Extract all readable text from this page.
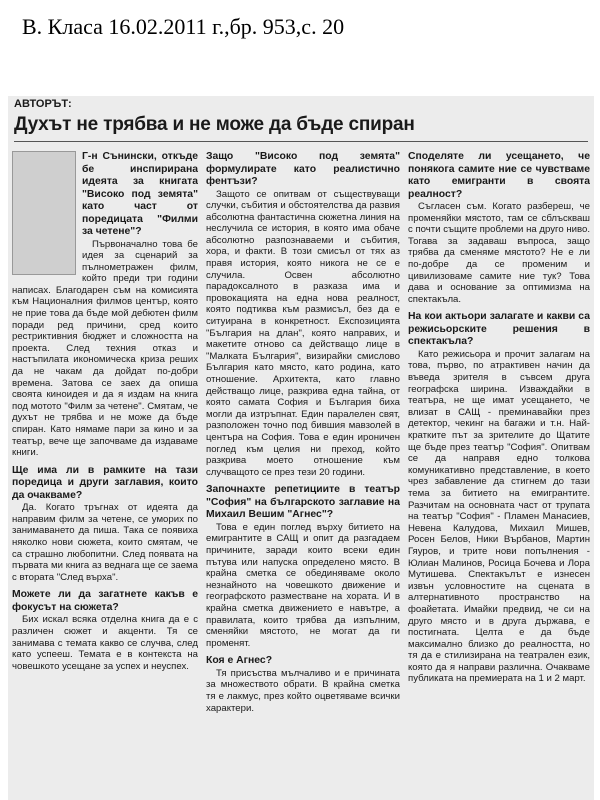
В. Класа 16.02.2011 г.,бр. 953,с. 20
АВТОРЪТ:
Духът не трябва и не може да бъде спиран

Г-н Сънински, откъде бе инспирирана идеята за книгата "Високо под земята" като част от поредицата "Филми за четене"?

Първоначално това бе идея за сценарий за пълнометражен филм, който преди три години написах. Благодарен съм на комисията към Националния филмов център, която не прие това да бъде мой дебютен филм поради ред причини, сред които рестриктивния бюджет и сложността на проекта. След техния отказ и настъпилата икономическа криза реших да не чакам да дойдат по-добри времена. Затова се заех да опиша своята киноидея и да я издам на книга под мотото "Филм за четене". Смятам, че духът не трябва и не може да бъде спиран. Като нямаме пари за кино и за театър, вече ще започваме да издаваме книги.

Ще има ли в рамките на тази поредица и други заглавия, които да очакваме?

Да. Когато тръгнах от идеята да направим филм за четене, се уморих по занимаването да пиша. Така се появиха няколко нови сюжета, които смятам, че са страшно любопитни. След появата на първата ми книга аз веднага ще се заема с втората "След върха".

Можете ли да загатнете какъв е фокусът на сюжета?

Бих искал всяка отделна книга да е с различен сюжет и акценти. Тя се занимава с темата какво се случва, след като успееш. Темата е в контекста на човешкото усещане за успех и неуспех.

Защо "Високо под земята" формулирате като реалистично фентъзи?

Защото се опитвам от съществуващи случки, събития и обстоятелства да развия абсолютна фантастична сюжетна линия на неслучила се история, в която има обаче абсолютно разпознаваеми и събития, хора, и факти. В този смисъл от тях аз правя история, която никога не се е случила. Освен абсолютно парадоксалното в разказа има и провокацията на една нова реалност, която подтиква към размисъл, без да е ситуирана в конкретност. Експозицията "България на длан", която направих, и макетите отново са действащо лице в "Малката България", визирайки смислово България като място, като родина, като отношение. Архитекта, като главно действащо лице, разкрива една тайна, от която самата София и България биха могли да изтръпнат. Един паралелен свят, разположен точно под бившия мавзолей в центъра на София. Това е един ироничен поглед към целия ни преход, който разкрива моето отношение към случващото се през тези 20 години.

Започнахте репетициите в театър "София" на българското заглавие на Михаил Вешим "Агнес"?

Това е един поглед върху битието на емигрантите в САЩ и опит да разгадаем причините, заради които всеки един пътува или напуска определено място. В крайна сметка се обединяваме около незнайното на човешкото движение и географското разместване на хората. И в крайна сметка движението е навътре, а правилата, които трябва да изпълним, сменяйки мястото, не могат да ги променят.

Коя е Агнес?

Тя присъства мълчаливо и е причината за множеството обрати. В крайна сметка тя е лакмус, през който оцветяваме всички характери.

Споделяте ли усещането, че понякога самите ние се чувстваме като емигранти в своята реалност?

Съгласен съм. Когато разбереш, че променяйки мястото, там се сблъскваш с почти същите проблеми на друго ниво. Тогава за задаваш въпроса, защо трябва да сменяме мястото? Не е ли по-добре да се променим и цивилизоваме самите ние тук? Това дава и основание за оптимизма на спектакъла.

На кои актьори залагате и какви са режисьорските решения в спектакъла?

Като режисьора и прочит залагам на това, първо, по атрактивен начин да въведа зрителя в съвсем друга географска ширина. Изваждайки в театъра, не ще имат усещането, че влизат в САЩ - преминавайки през детектор, чекинг на багажи и т.н. Най-кратките път за зрителите до Щатите ще бъде през театър "София". Опитвам се да направя едно толкова комуникативно представление, в което чрез забавление да стигнем до тази тема за битието на емигрантите. Разчитам на основната част от трупата на театър "София" - Пламен Манасиев, Невена Калудова, Михаил Мишев, Росен Белов, Ники Върбанов, Мартин Гяуров, и трите нови попълнения - Юлиан Малинов, Росица Бочева и Лора Мутишева. Спектакълът е изнесен извън условностите на сцената в алтернативното пространство на фоайетата. Имайки предвид, че си на друго място и в друга държава, е постигната. Целта е да бъде максимално близко до реалността, но тя да е стилизирана на театрален език, която да я направи различна. Очакваме публиката на премиерата на 1 и 2 март.
